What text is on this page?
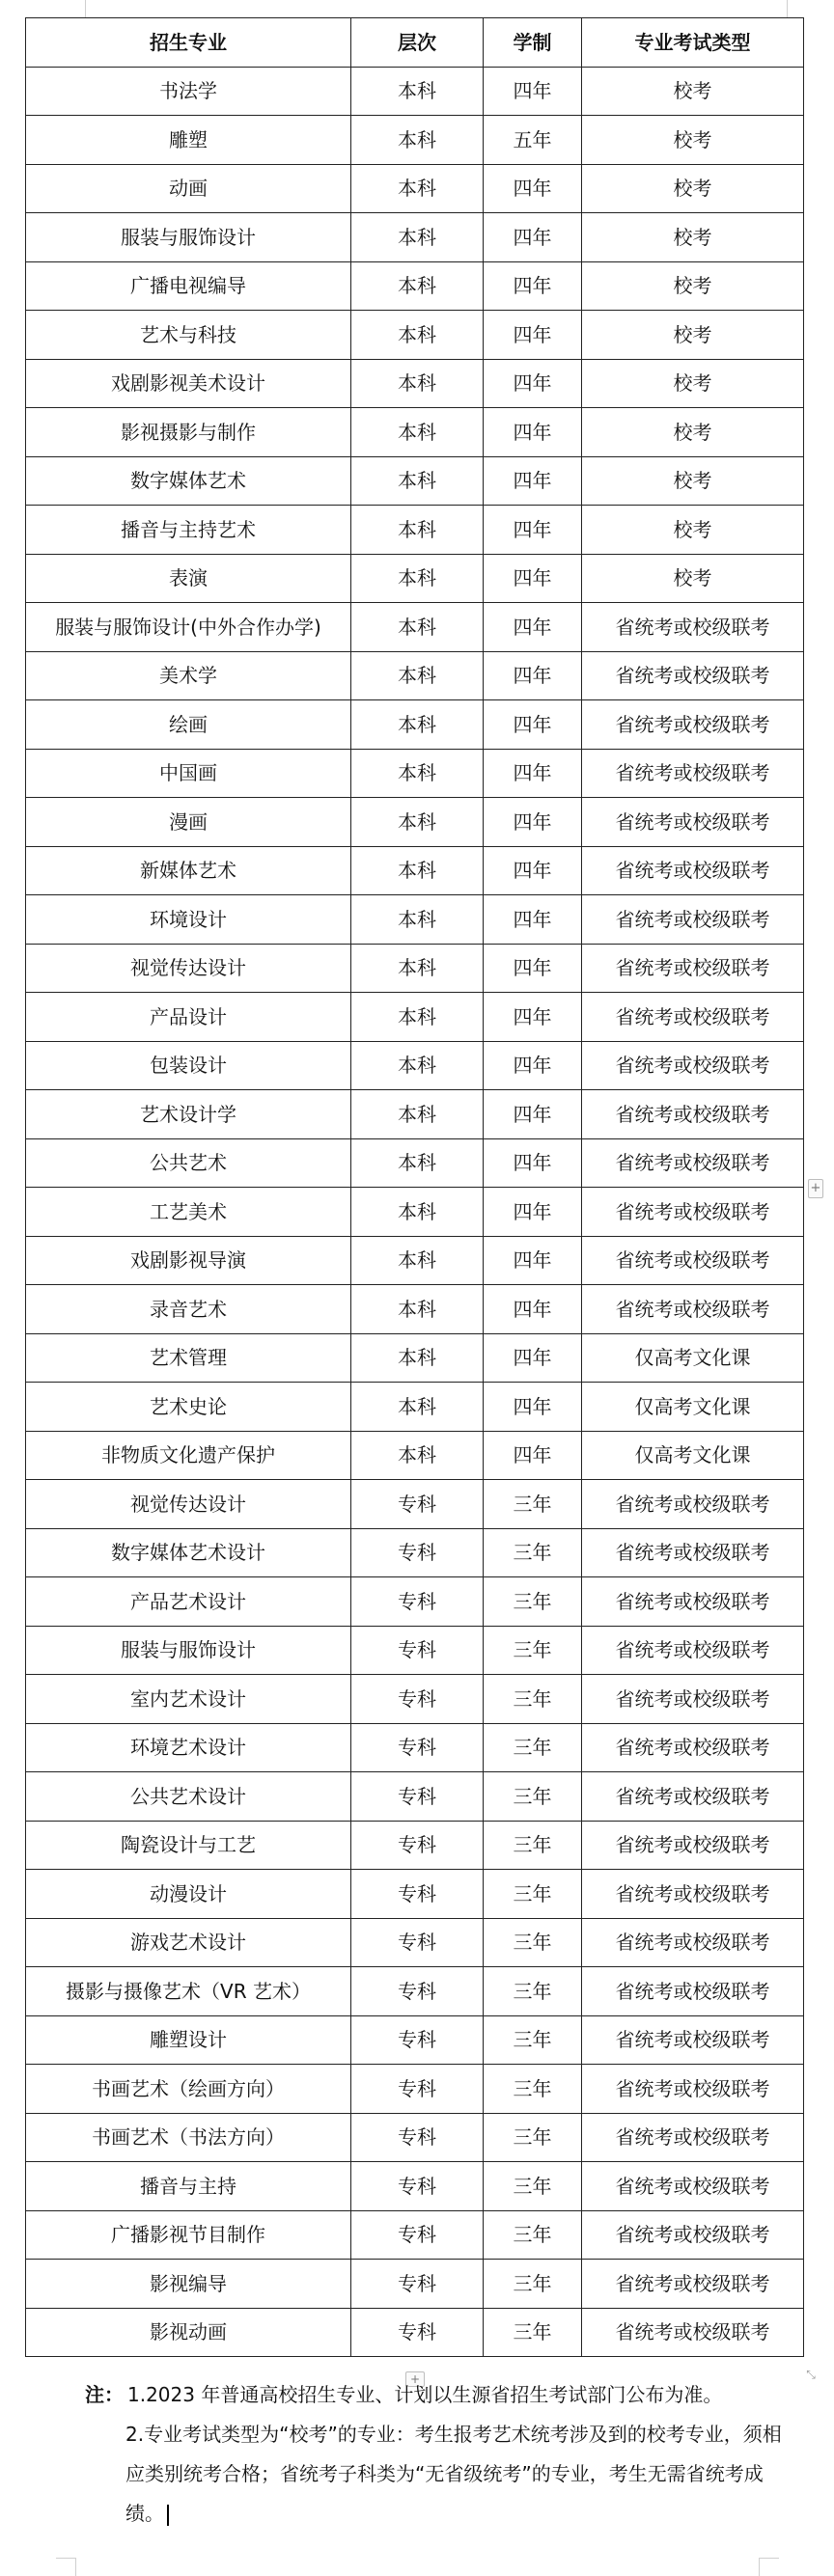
招生专业	层次	学制	专业考试类型
书法学	本科	四年	校考
雕塑	本科	五年	校考
动画	本科	四年	校考
服装与服饰设计	本科	四年	校考
广播电视编导	本科	四年	校考
艺术与科技	本科	四年	校考
戏剧影视美术设计	本科	四年	校考
影视摄影与制作	本科	四年	校考
数字媒体艺术	本科	四年	校考
播音与主持艺术	本科	四年	校考
表演	本科	四年	校考
服装与服饰设计(中外合作办学)	本科	四年	省统考或校级联考
美术学	本科	四年	省统考或校级联考
绘画	本科	四年	省统考或校级联考
中国画	本科	四年	省统考或校级联考
漫画	本科	四年	省统考或校级联考
新媒体艺术	本科	四年	省统考或校级联考
环境设计	本科	四年	省统考或校级联考
视觉传达设计	本科	四年	省统考或校级联考
产品设计	本科	四年	省统考或校级联考
包装设计	本科	四年	省统考或校级联考
艺术设计学	本科	四年	省统考或校级联考
公共艺术	本科	四年	省统考或校级联考
工艺美术	本科	四年	省统考或校级联考
戏剧影视导演	本科	四年	省统考或校级联考
录音艺术	本科	四年	省统考或校级联考
艺术管理	本科	四年	仅高考文化课
艺术史论	本科	四年	仅高考文化课
非物质文化遗产保护	本科	四年	仅高考文化课
视觉传达设计	专科	三年	省统考或校级联考
数字媒体艺术设计	专科	三年	省统考或校级联考
产品艺术设计	专科	三年	省统考或校级联考
服装与服饰设计	专科	三年	省统考或校级联考
室内艺术设计	专科	三年	省统考或校级联考
环境艺术设计	专科	三年	省统考或校级联考
公共艺术设计	专科	三年	省统考或校级联考
陶瓷设计与工艺	专科	三年	省统考或校级联考
动漫设计	专科	三年	省统考或校级联考
游戏艺术设计	专科	三年	省统考或校级联考
摄影与摄像艺术（VR 艺术）	专科	三年	省统考或校级联考
雕塑设计	专科	三年	省统考或校级联考
书画艺术（绘画方向）	专科	三年	省统考或校级联考
书画艺术（书法方向）	专科	三年	省统考或校级联考
播音与主持	专科	三年	省统考或校级联考
广播影视节目制作	专科	三年	省统考或校级联考
影视编导	专科	三年	省统考或校级联考
影视动画	专科	三年	省统考或校级联考
+
+	⤡

注： 1.2023 年普通高校招生专业、计划以生源省招生考试部门公布为准。

2.专业考试类型为“校考”的专业：考生报考艺术统考涉及到的校考专业，须相应类别统考合格；省统考子科类为“无省级统考”的专业，考生无需省统考成绩。
